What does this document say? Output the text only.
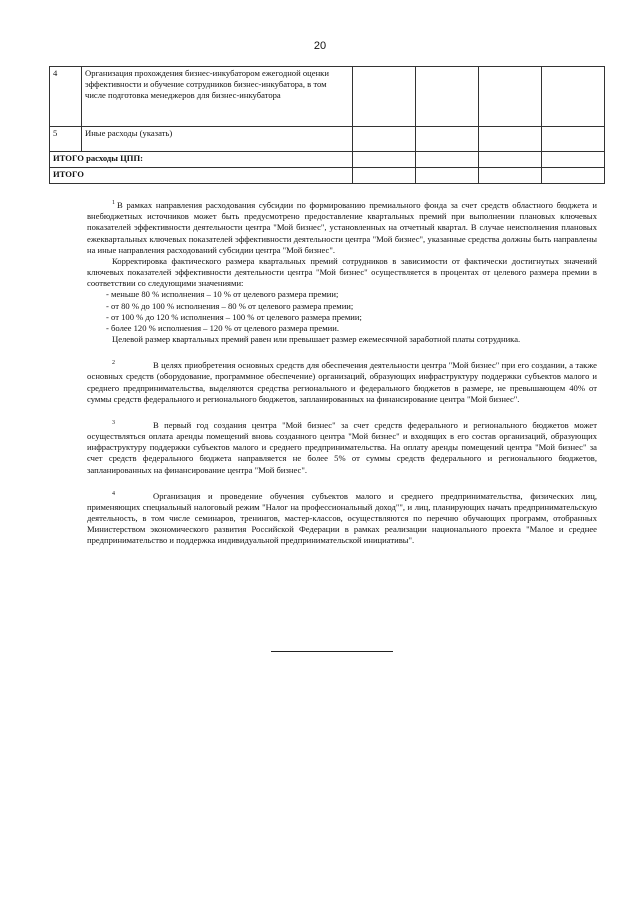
20
4	Организация прохождения бизнес-инкубатором ежегодной оценки эффективности и обучение сотрудников бизнес-инкубатора, в том числе подготовка менеджеров для бизнес-инкубатора				
5	Иные расходы (указать)				
ИТОГО расходы ЦПП:					
ИТОГО					

$^1$ В рамках направления расходования субсидии по формированию премиального фонда за счет средств областного бюджета и внебюджетных источников может быть предусмотрено предоставление квартальных премий при выполнении плановых ключевых показателей эффективности деятельности центра "Мой бизнес", установленных на отчетный квартал. В случае неисполнения плановых ежеквартальных ключевых показателей эффективности деятельности центра "Мой бизнес", указанные средства должны быть направлены на иные направления расходований субсидии центра "Мой бизнес".

Корректировка фактического размера квартальных премий сотрудников в зависимости от фактически достигнутых значений ключевых показателей эффективности деятельности центра "Мой бизнес" осуществляется в процентах от целевого размера премии в соответствии со следующими значениями:

- меньше 80 % исполнения – 10 % от целевого размера премии;

- от 80 % до 100 % исполнения – 80 % от целевого размера премии;

- от 100 % до 120 % исполнения – 100 % от целевого размера премии;

- более 120 % исполнения – 120 % от целевого размера премии.

Целевой размер квартальных премий равен или превышает размер ежемесячной заработной платы сотрудника.

$^2$	В целях приобретения основных средств для обеспечения деятельности центра "Мой бизнес" при его создании, а также основных средств (оборудование, программное обеспечение) организаций, образующих инфраструктуру поддержки субъектов малого и среднего предпринимательства, выделяются средства регионального и федерального бюджетов в размере, не превышающем 40% от суммы средств федерального и регионального бюджетов, запланированных на финансирование центра "Мой бизнес".

$^3$	В первый год создания центра "Мой бизнес" за счет средств федерального и регионального бюджетов может осуществляться оплата аренды помещений вновь созданного центра "Мой бизнес" и входящих в его состав организаций, образующих инфраструктуру поддержки субъектов малого и среднего предпринимательства. На оплату аренды помещений центра "Мой бизнес" за счет средств федерального бюджета направляется не более 5% от суммы средств федерального и регионального бюджетов, запланированных на финансирование центра "Мой бизнес".

$^4$	Организация и проведение обучения субъектов малого и среднего предпринимательства, физических лиц, применяющих специальный налоговый режим "Налог на профессиональный доход"", и лиц, планирующих начать предпринимательскую деятельность, в том числе семинаров, тренингов, мастер-классов, осуществляются по перечню обучающих программ, отобранных Министерством экономического развития Российской Федерации в рамках реализации национального проекта "Малое и среднее предпринимательство и поддержка индивидуальной предпринимательской инициативы".
